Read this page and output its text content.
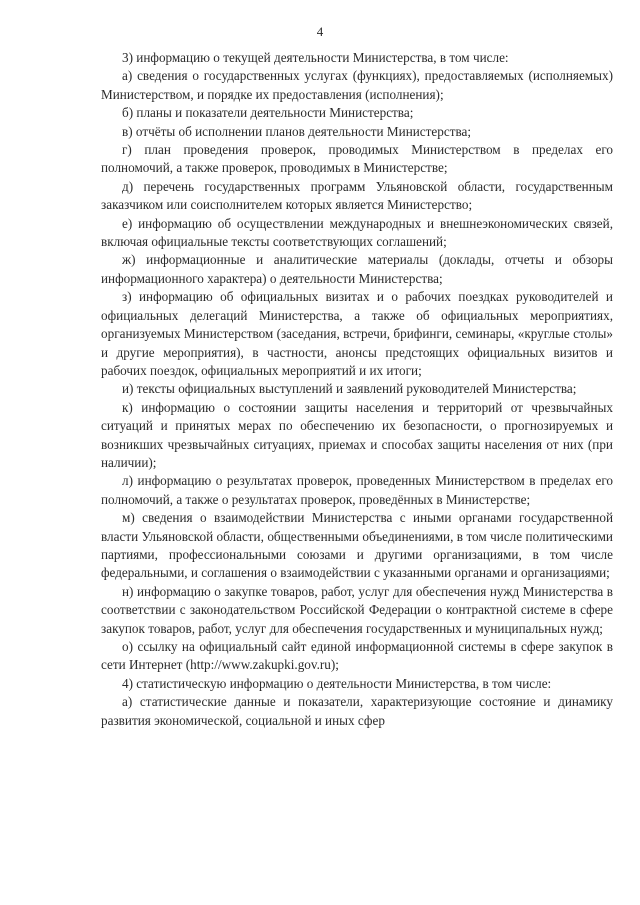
4

3) информацию о текущей деятельности Министерства, в том числе:

а) сведения о государственных услугах (функциях), предоставляемых (исполняемых) Министерством, и порядке их предоставления (исполнения);

б) планы и показатели деятельности Министерства;

в) отчёты об исполнении планов деятельности Министерства;

г) план проведения проверок, проводимых Министерством в пределах его полномочий, а также проверок, проводимых в Министерстве;

д) перечень государственных программ Ульяновской области, государственным заказчиком или соисполнителем которых является Министерство;

е) информацию об осуществлении международных и внешнеэкономических связей, включая официальные тексты соответствующих соглашений;

ж) информационные и аналитические материалы (доклады, отчеты и обзоры информационного характера) о деятельности Министерства;

з) информацию об официальных визитах и о рабочих поездках руководителей и официальных делегаций Министерства, а также об официальных мероприятиях, организуемых Министерством (заседания, встречи, брифинги, семинары, «круглые столы» и другие мероприятия), в частности, анонсы предстоящих официальных визитов и рабочих поездок, официальных мероприятий и их итоги;

и) тексты официальных выступлений и заявлений руководителей Министерства;

к) информацию о состоянии защиты населения и территорий от чрезвычайных ситуаций и принятых мерах по обеспечению их безопасности, о прогнозируемых и возникших чрезвычайных ситуациях, приемах и способах защиты населения от них (при наличии);

л) информацию о результатах проверок, проведенных Министерством в пределах его полномочий, а также о результатах проверок, проведённых в Министерстве;

м) сведения о взаимодействии Министерства с иными органами государственной власти Ульяновской области, общественными объединениями, в том числе политическими партиями, профессиональными союзами и другими организациями, в том числе федеральными, и соглашения о взаимодействии с указанными органами и организациями;

н) информацию о закупке товаров, работ, услуг для обеспечения нужд Министерства в соответствии с законодательством Российской Федерации о контрактной системе в сфере закупок товаров, работ, услуг для обеспечения государственных и муниципальных нужд;

о) ссылку на официальный сайт единой информационной системы в сфере закупок в сети Интернет (http://www.zakupki.gov.ru);

4) статистическую информацию о деятельности Министерства, в том числе:

а) статистические данные и показатели, характеризующие состояние и динамику развития экономической, социальной и иных сфер
